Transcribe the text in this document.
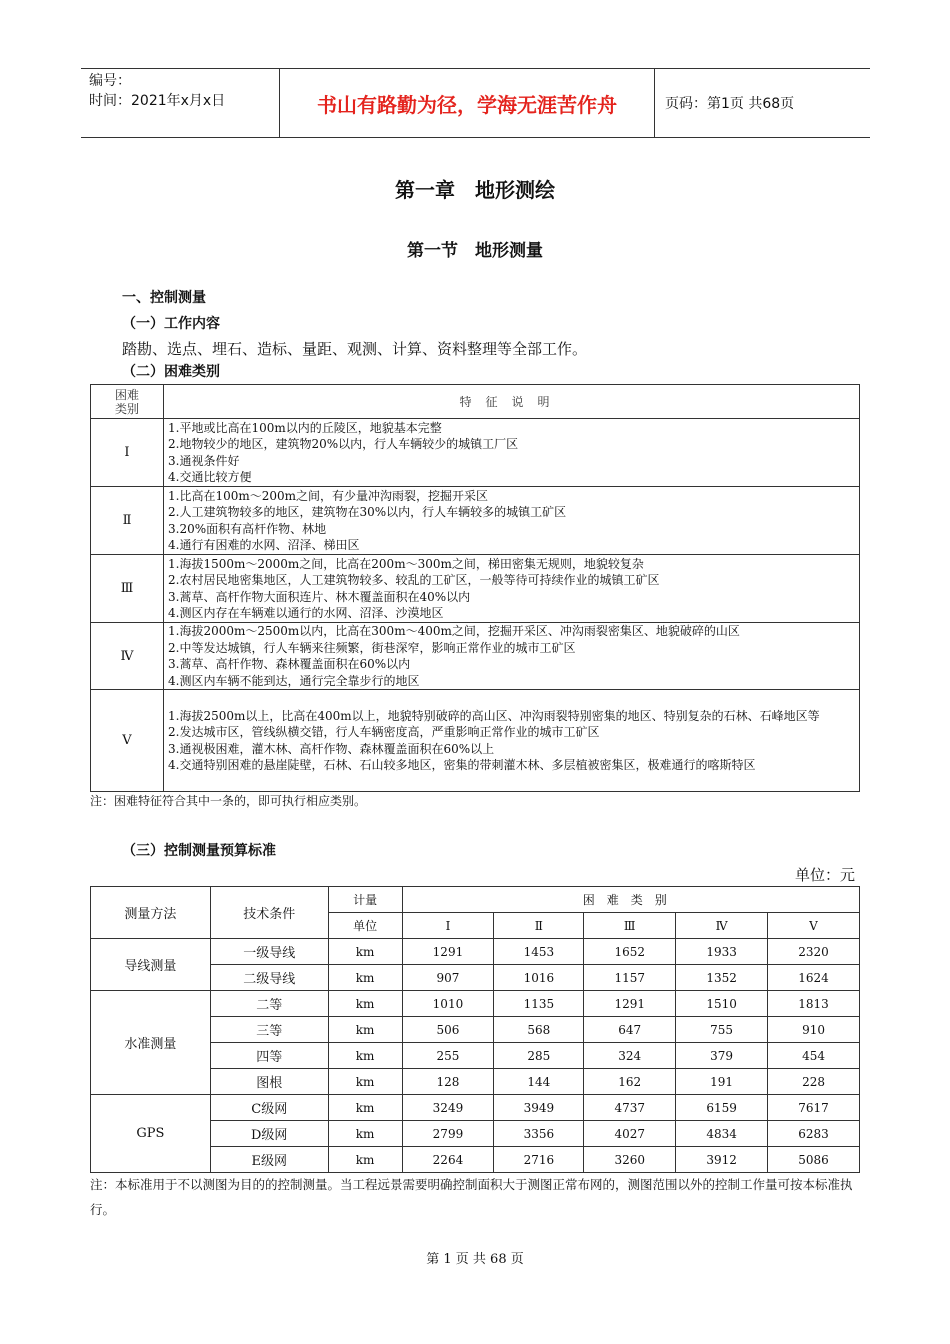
编号：
时间：2021年x月x日	书山有路勤为径，学海无涯苦作舟	页码：第1页 共68页
第一章　地形测绘
第一节　地形测量
一、控制测量
（一）工作内容
踏勘、选点、埋石、造标、量距、观测、计算、资料整理等全部工作。
（二）困难类别
困难
类别	特征说明
Ⅰ	1.平地或比高在100m以内的丘陵区，地貌基本完整
2.地物较少的地区，建筑物20%以内，行人车辆较少的城镇工厂区
3.通视条件好
4.交通比较方便

Ⅱ	1.比高在100m～200m之间，有少量冲沟雨裂，挖掘开采区
2.人工建筑物较多的地区，建筑物在30%以内，行人车辆较多的城镇工矿区
3.20%面积有高杆作物、林地
4.通行有困难的水网、沼泽、梯田区

Ⅲ	1.海拔1500m～2000m之间，比高在200m～300m之间，梯田密集无规则，地貌较复杂
2.农村居民地密集地区，人工建筑物较多、较乱的工矿区，一般等待可持续作业的城镇工矿区
3.蒿草、高杆作物大面积连片、林木覆盖面积在40%以内
4.测区内存在车辆难以通行的水网、沼泽、沙漠地区

Ⅳ	1.海拔2000m～2500m以内，比高在300m～400m之间，挖掘开采区、冲沟雨裂密集区、地貌破碎的山区
2.中等发达城镇，行人车辆来往频繁，街巷深窄，影响正常作业的城市工矿区
3.蒿草、高杆作物、森林覆盖面积在60%以内
4.测区内车辆不能到达，通行完全靠步行的地区

Ⅴ	1.海拔2500m以上，比高在400m以上，地貌特别破碎的高山区、冲沟雨裂特别密集的地区、特别复杂的石林、石峰地区等
2.发达城市区，管线纵横交错，行人车辆密度高，严重影响正常作业的城市工矿区
3.通视极困难，灌木林、高杆作物、森林覆盖面积在60%以上
4.交通特别困难的悬崖陡壁，石林、石山较多地区，密集的带刺灌木林、多层植被密集区，极难通行的喀斯特区
注：困难特征符合其中一条的，即可执行相应类别。
（三）控制测量预算标准
单位：元
测量方法	技术条件	计量	困难类别				
		单位	Ⅰ	Ⅱ	Ⅲ	Ⅳ	Ⅴ
导线测量	一级导线	km	1291	1453	1652	1933	2320
	二级导线	km	907	1016	1157	1352	1624
水准测量	二等	km	1010	1135	1291	1510	1813
	三等	km	506	568	647	755	910
	四等	km	255	285	324	379	454
	图根	km	128	144	162	191	228
GPS	C级网	km	3249	3949	4737	6159	7617
	D级网	km	2799	3356	4027	4834	6283
	E级网	km	2264	2716	3260	3912	5086
注：本标准用于不以测图为目的的控制测量。当工程远景需要明确控制面积大于测图正常布网的，测图范围以外的控制工作量可按本标准执行。
第 1 页 共 68 页
